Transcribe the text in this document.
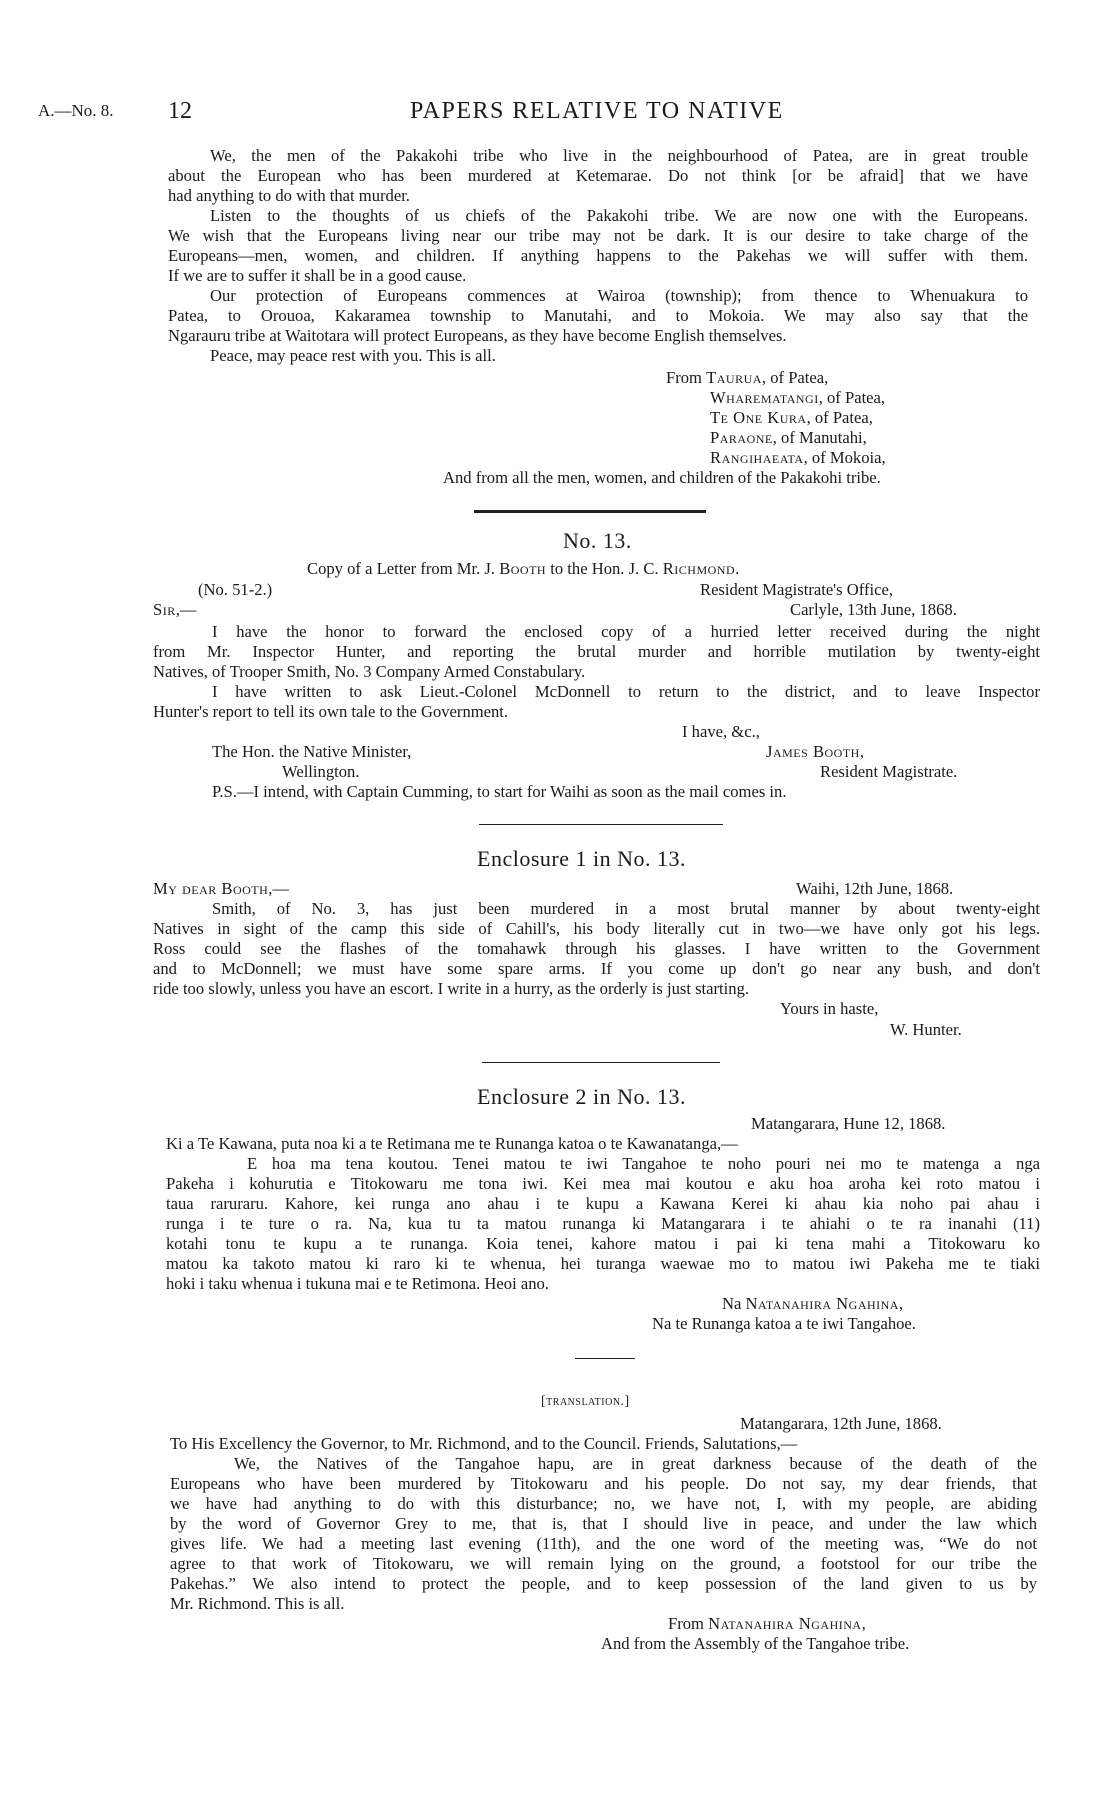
A.—No. 8. 12	PAPERS RELATIVE TO NATIVE
We, the men of the Pakakohi tribe who live in the neighbourhood of Patea, are in great trouble
about the European who has been murdered at Ketemarae. Do not think [or be afraid] that we have
had anything to do with that murder.
Listen to the thoughts of us chiefs of the Pakakohi tribe. We are now one with the Europeans.
We wish that the Europeans living near our tribe may not be dark. It is our desire to take charge of the
Europeans—men, women, and children. If anything happens to the Pakehas we will suffer with them.
If we are to suffer it shall be in a good cause.
Our protection of Europeans commences at Wairoa (township); from thence to Whenuakura to
Patea, to Orouoa, Kakaramea township to Manutahi, and to Mokoia. We may also say that the
Ngarauru tribe at Waitotara will protect Europeans, as they have become English themselves.
Peace, may peace rest with you. This is all.
From Taurua, of Patea,
Wharematangi, of Patea,
Te One Kura, of Patea,
Paraone, of Manutahi,
Rangihaeata, of Mokoia,
And from all the men, women, and children of the Pakakohi tribe.
No. 13.
Copy of a Letter from Mr. J. Booth to the Hon. J. C. Richmond.
(No. 51-2.)	Resident Magistrate's Office,
Sir,—	Carlyle, 13th June, 1868.
I have the honor to forward the enclosed copy of a hurried letter received during the night
from Mr. Inspector Hunter, and reporting the brutal murder and horrible mutilation by twenty-eight
Natives, of Trooper Smith, No. 3 Company Armed Constabulary.
I have written to ask Lieut.-Colonel McDonnell to return to the district, and to leave Inspector
Hunter's report to tell its own tale to the Government.
I have, &c.,
The Hon. the Native Minister,	James Booth,
Wellington.	Resident Magistrate.
P.S.—I intend, with Captain Cumming, to start for Waihi as soon as the mail comes in.
Enclosure 1 in No. 13.
My dear Booth,—	Waihi, 12th June, 1868.
Smith, of No. 3, has just been murdered in a most brutal manner by about twenty-eight
Natives in sight of the camp this side of Cahill's, his body literally cut in two—we have only got his legs.
Ross could see the flashes of the tomahawk through his glasses. I have written to the Government
and to McDonnell; we must have some spare arms. If you come up don't go near any bush, and don't
ride too slowly, unless you have an escort. I write in a hurry, as the orderly is just starting.
Yours in haste,
W. Hunter.
Enclosure 2 in No. 13.
Matangarara, Hune 12, 1868.
Ki a Te Kawana, puta noa ki a te Retimana me te Runanga katoa o te Kawanatanga,—
E hoa ma tena koutou. Tenei matou te iwi Tangahoe te noho pouri nei mo te matenga a nga
Pakeha i kohurutia e Titokowaru me tona iwi. Kei mea mai koutou e aku hoa aroha kei roto matou i
taua raruraru. Kahore, kei runga ano ahau i te kupu a Kawana Kerei ki ahau kia noho pai ahau i
runga i te ture o ra. Na, kua tu ta matou runanga ki Matangarara i te ahiahi o te ra inanahi (11)
kotahi tonu te kupu a te runanga. Koia tenei, kahore matou i pai ki tena mahi a Titokowaru ko
matou ka takoto matou ki raro ki te whenua, hei turanga waewae mo to matou iwi Pakeha me te tiaki
hoki i taku whenua i tukuna mai e te Retimona. Heoi ano.
Na Natanahira Ngahina,
Na te Runanga katoa a te iwi Tangahoe.
[translation.]
Matangarara, 12th June, 1868.
To His Excellency the Governor, to Mr. Richmond, and to the Council. Friends, Salutations,—
We, the Natives of the Tangahoe hapu, are in great darkness because of the death of the
Europeans who have been murdered by Titokowaru and his people. Do not say, my dear friends, that
we have had anything to do with this disturbance; no, we have not, I, with my people, are abiding
by the word of Governor Grey to me, that is, that I should live in peace, and under the law which
gives life. We had a meeting last evening (11th), and the one word of the meeting was, “We do not
agree to that work of Titokowaru, we will remain lying on the ground, a footstool for our tribe the
Pakehas.” We also intend to protect the people, and to keep possession of the land given to us by
Mr. Richmond. This is all.
From Natanahira Ngahina,
And from the Assembly of the Tangahoe tribe.
